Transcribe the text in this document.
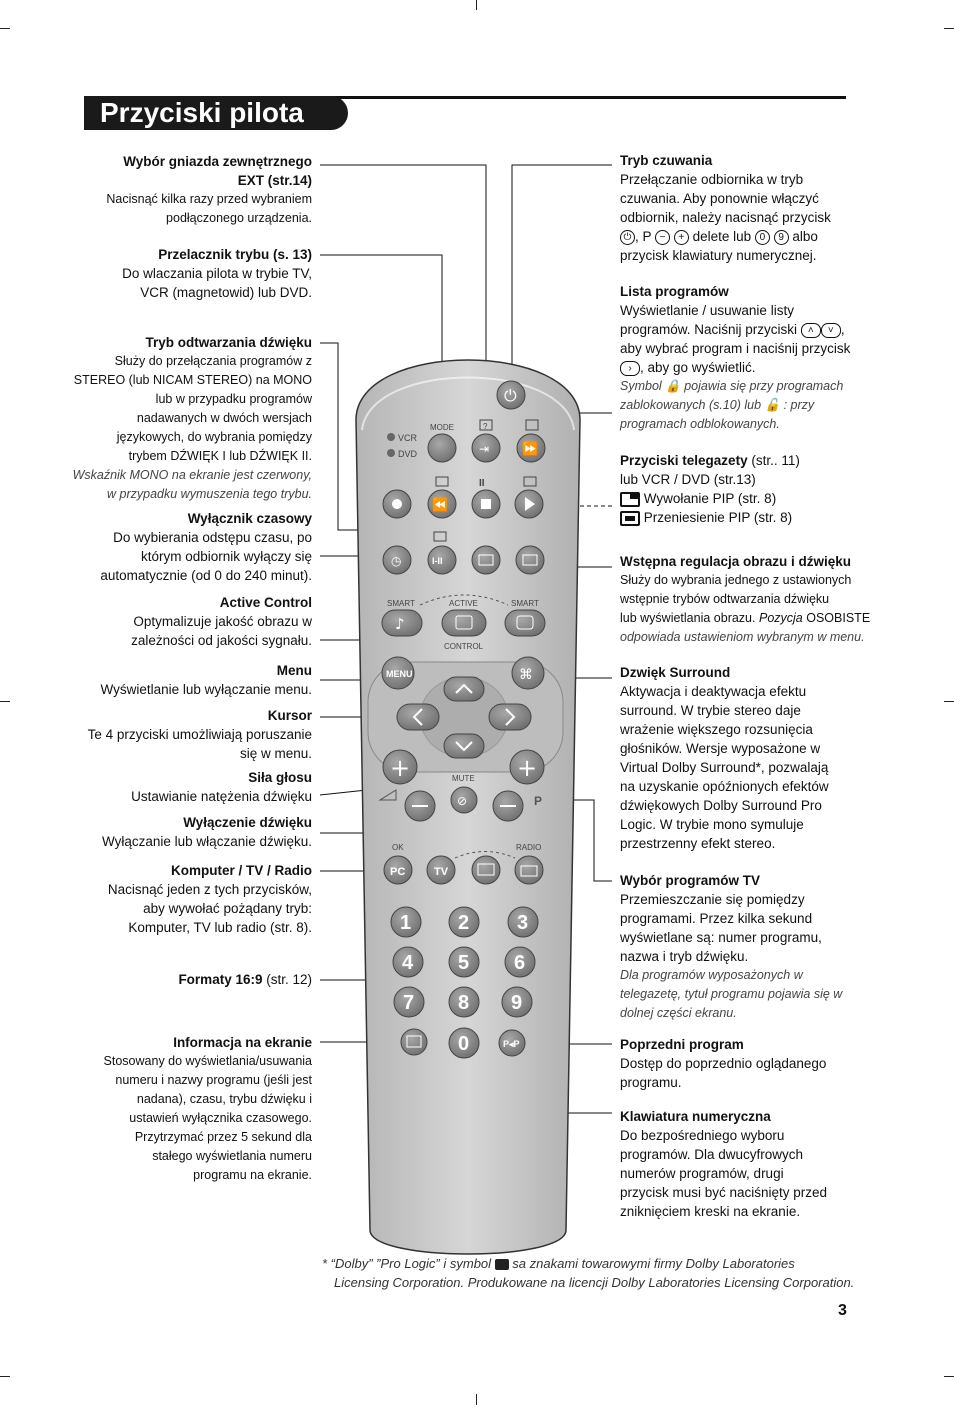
Przyciski pilota
Wybór gniazda zewnętrznego
EXT (str.14)
Nacisnąć kilka razy przed wybraniem
podłączonego urządzenia.
Przelacznik trybu (s. 13)
Do wlaczania pilota w trybie TV,
VCR (magnetowid) lub DVD.
Tryb odtwarzania dźwięku
Służy do przełączania programów z
STEREO (lub NICAM STEREO) na MONO
lub w przypadku programów
nadawanych w dwóch wersjach
językowych, do wybrania pomiędzy
trybem DŹWIĘK I lub DŹWIĘK II.
Wskaźnik MONO na ekranie jest czerwony,
w przypadku wymuszenia tego trybu.
Wyłącznik czasowy
Do wybierania odstępu czasu, po
którym odbiornik wyłączy się
automatycznie (od 0 do 240 minut).
Active Control
Optymalizuje jakość obrazu w
zależności od jakości sygnału.
Menu
Wyświetlanie lub wyłączanie menu.
Kursor
Te 4 przyciski umożliwiają poruszanie
się w menu.
Siła głosu
Ustawianie natężenia dźwięku
Wyłączenie dźwięku
Wyłączanie lub włączanie dźwięku.
Komputer / TV / Radio
Nacisnąć jeden z tych przycisków,
aby wywołać pożądany tryb:
Komputer, TV lub radio (str. 8).
Formaty 16:9 (str. 12)
Informacja na ekranie
Stosowany do wyświetlania/usuwania
numeru i nazwy programu (jeśli jest
nadana), czasu, trybu dźwięku i
ustawień wyłącznika czasowego.
Przytrzymać przez 5 sekund dla
stałego wyświetlania numeru
programu na ekranie.
Tryb czuwania
Przełączanie odbiornika w tryb
czuwania. Aby ponownie włączyć
odbiornik, należy nacisnąć przycisk
⏻ , P − + delete lub 0 9 albo
przycisk klawiatury numerycznej.
Lista programów
Wyświetlanie / usuwanie listy
programów. Naciśnij przyciski ˄ ˅ ,
aby wybrać program i naciśnij przycisk
› , aby go wyświetlić.
Symbol 🔒 pojawia się przy programach
zablokowanych (s.10) lub 🔓 : przy
programach odblokowanych.
Przyciski telegazety (str.. 11)
lub VCR / DVD (str.13)
Wywołanie PIP (str. 8)
Przeniesienie PIP (str. 8)
Wstępna regulacja obrazu i dźwięku
Służy do wybrania jednego z ustawionych
wstępnie trybów odtwarzania dźwięku
lub wyświetlania obrazu. Pozycja OSOBISTE
odpowiada ustawieniom wybranym w menu.
Dzwięk Surround
Aktywacja i deaktywacja efektu
surround. W trybie stereo daje
wrażenie większego rozsunięcia
głośników. Wersje wyposażone w
Virtual Dolby Surround*, pozwalają
na uzyskanie opóźnionych efektów
dźwiękowych Dolby Surround Pro
Logic. W trybie mono symuluje
przestrzenny efekt stereo.
Wybór programów TV
Przemieszczanie się pomiędzy
programami. Przez kilka sekund
wyświetlane są: numer programu,
nazwa i tryb dźwięku.
Dla programów wyposażonych w
telegazetę, tytuł programu pojawia się w
dolnej części ekranu.
Poprzedni program
Dostęp do poprzednio oglądanego
programu.
Klawiatura numeryczna
Do bezpośredniego wyboru
programów. Dla dwucyfrowych
numerów programów, drugi
przycisk musi być naciśnięty przed
zniknięciem kreski na ekranie.
VCR
DVD
MODE	?
⏻
⇥	⏩
II
⏪
◷	I-II
SMART	ACTIVE	SMART
♪
CONTROL
MENU	⌘
+	+
P
MUTE
⊘
OK	RADIO
PC	TV
1 2 3
4 5 6
7 8 9
0	P◂P
* “Dolby” ”Pro Logic” i symbol sa znakami towarowymi firmy Dolby Laboratories
Licensing Corporation. Produkowane na licencji Dolby Laboratories Licensing Corporation.
3
